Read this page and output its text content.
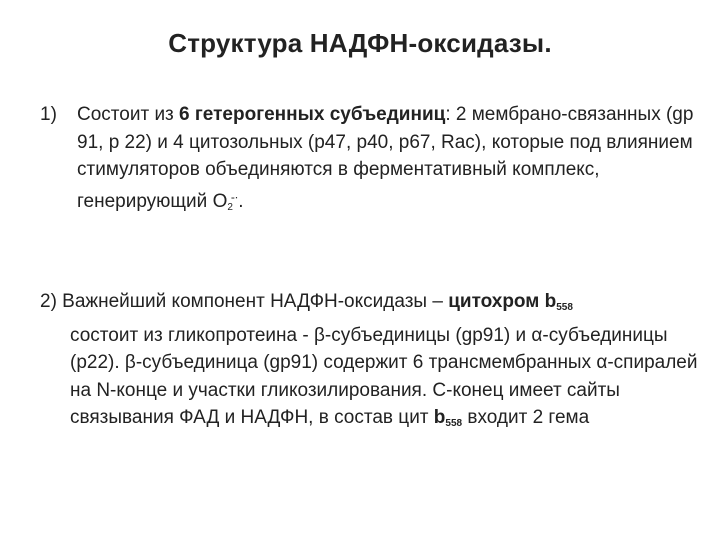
Структура НАДФН-оксидазы.
1)	Состоит из 6 гетерогенных субъединиц: 2 мембрано-связанных (gp 91, p 22) и 4 цитозольных (p47, p40, p67, Rac), которые под влиянием стимуляторов объединяются в ферментативный комплекс, генерирующий $O_2^{-\cdot}$.
2) Важнейший компонент НАДФН-оксидазы – цитохром $b_{558}$
состоит из гликопротеина - β-субъединицы (gp91) и α-субъединицы (p22). β-субъединица (gp91) содержит 6 трансмембранных α-спиралей на N-конце и участки гликозилирования. С-конец имеет сайты связывания ФАД и НАДФН, в состав цит $b_{558}$ входит 2 гема
